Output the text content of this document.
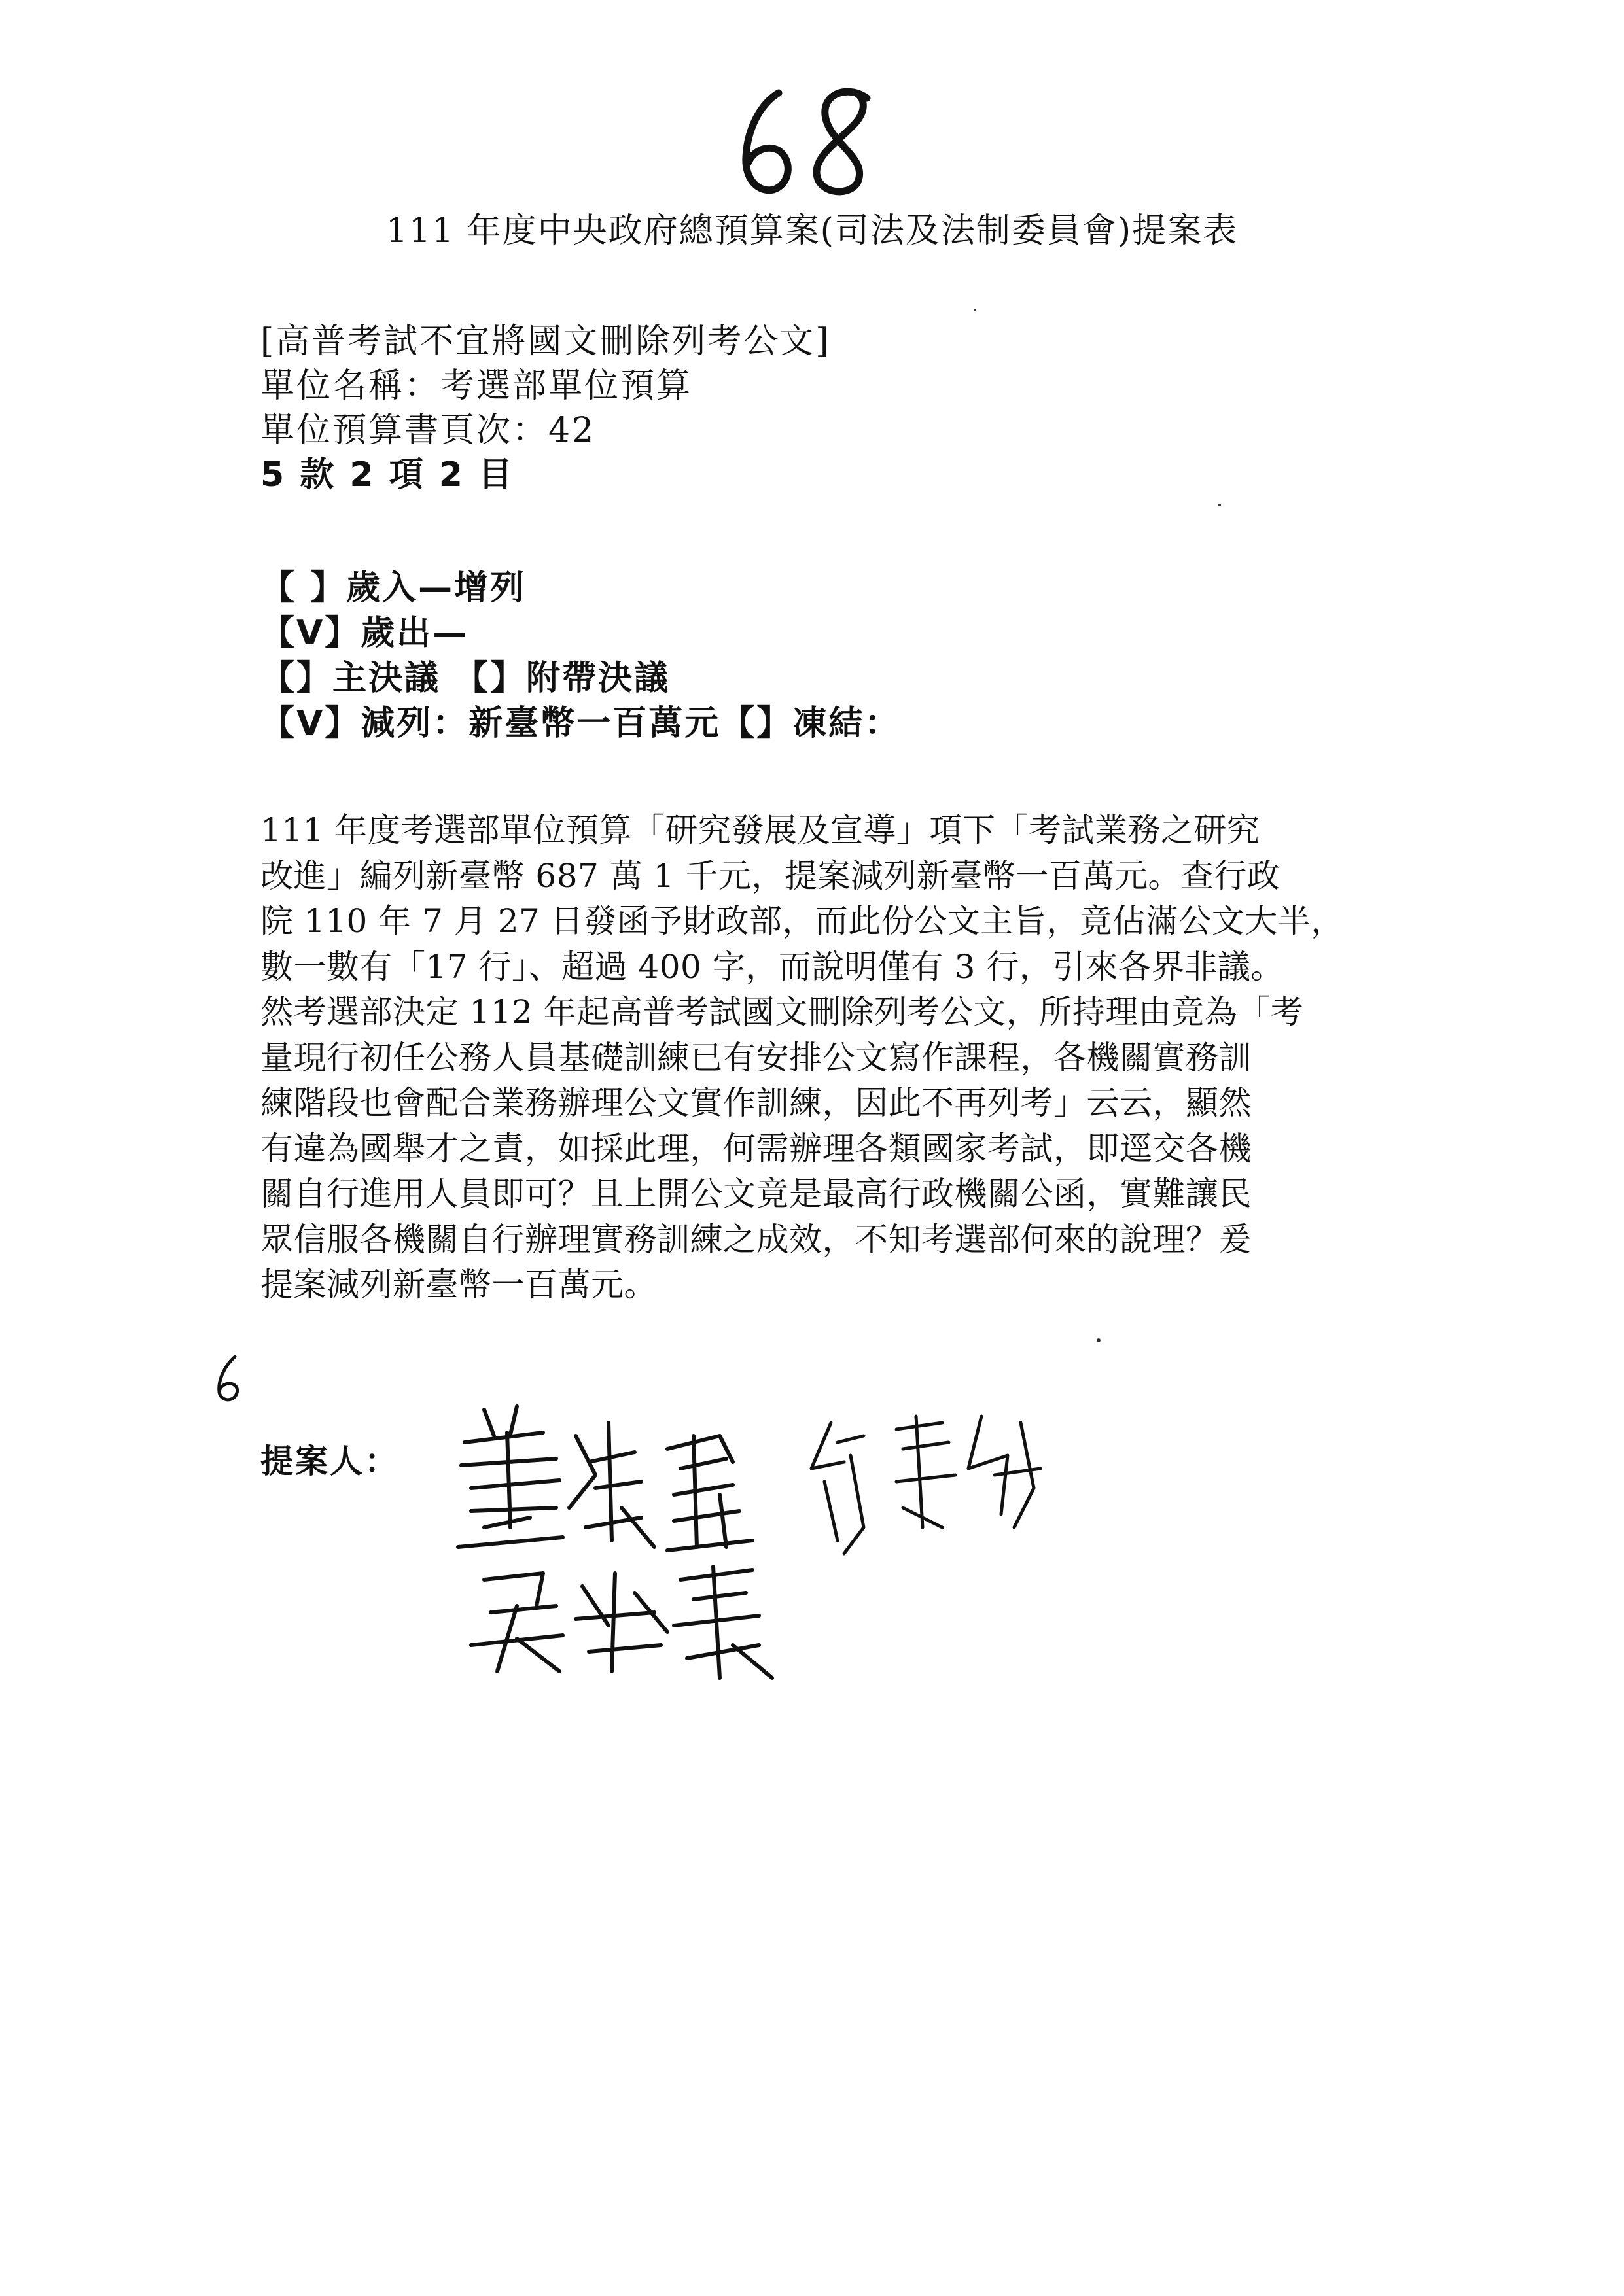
111 年度中央政府總預算案(司法及法制委員會)提案表
[高普考試不宜將國文刪除列考公文]
單位名稱：考選部單位預算
單位預算書頁次：42
5 款 2 項 2 目
【 】歲入—增列
【V】歲出—
【】主決議 【】附帶決議
【V】減列：新臺幣一百萬元【】凍結：
111 年度考選部單位預算「研究發展及宣導」項下「考試業務之研究
改進」編列新臺幣 687 萬 1 千元，提案減列新臺幣一百萬元。查行政
院 110 年 7 月 27 日發函予財政部，而此份公文主旨，竟佔滿公文大半，
數一數有「17 行」、超過 400 字，而說明僅有 3 行，引來各界非議。
然考選部決定 112 年起高普考試國文刪除列考公文，所持理由竟為「考
量現行初任公務人員基礎訓練已有安排公文寫作課程，各機關實務訓
練階段也會配合業務辦理公文實作訓練，因此不再列考」云云，顯然
有違為國舉才之責，如採此理，何需辦理各類國家考試，即逕交各機
關自行進用人員即可？且上開公文竟是最高行政機關公函，實難讓民
眾信服各機關自行辦理實務訓練之成效，不知考選部何來的說理？爰
提案減列新臺幣一百萬元。
提案人：
